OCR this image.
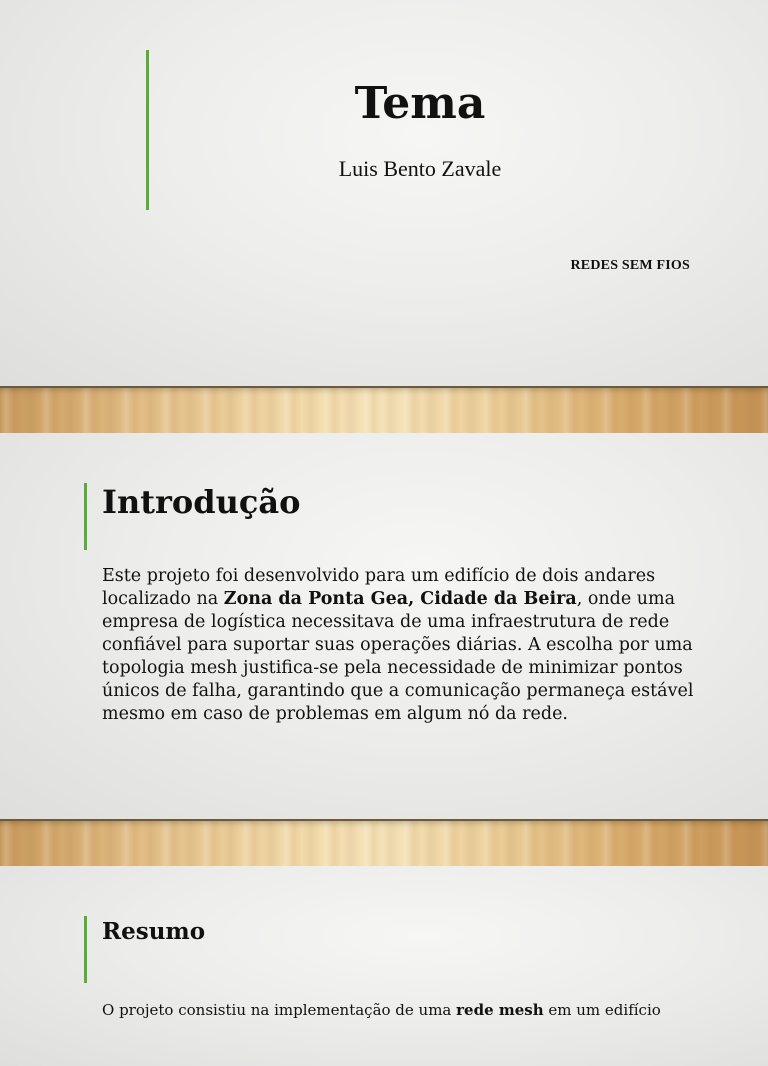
Tema
Luis Bento Zavale
REDES SEM FIOS
Introdução
Este projeto foi desenvolvido para um edifício de dois andares localizado na Zona da Ponta Gea, Cidade da Beira, onde uma empresa de logística necessitava de uma infraestrutura de rede confiável para suportar suas operações diárias. A escolha por uma topologia mesh justifica-se pela necessidade de minimizar pontos únicos de falha, garantindo que a comunicação permaneça estável mesmo em caso de problemas em algum nó da rede.
Resumo
O projeto consistiu na implementação de uma rede mesh em um edifício
